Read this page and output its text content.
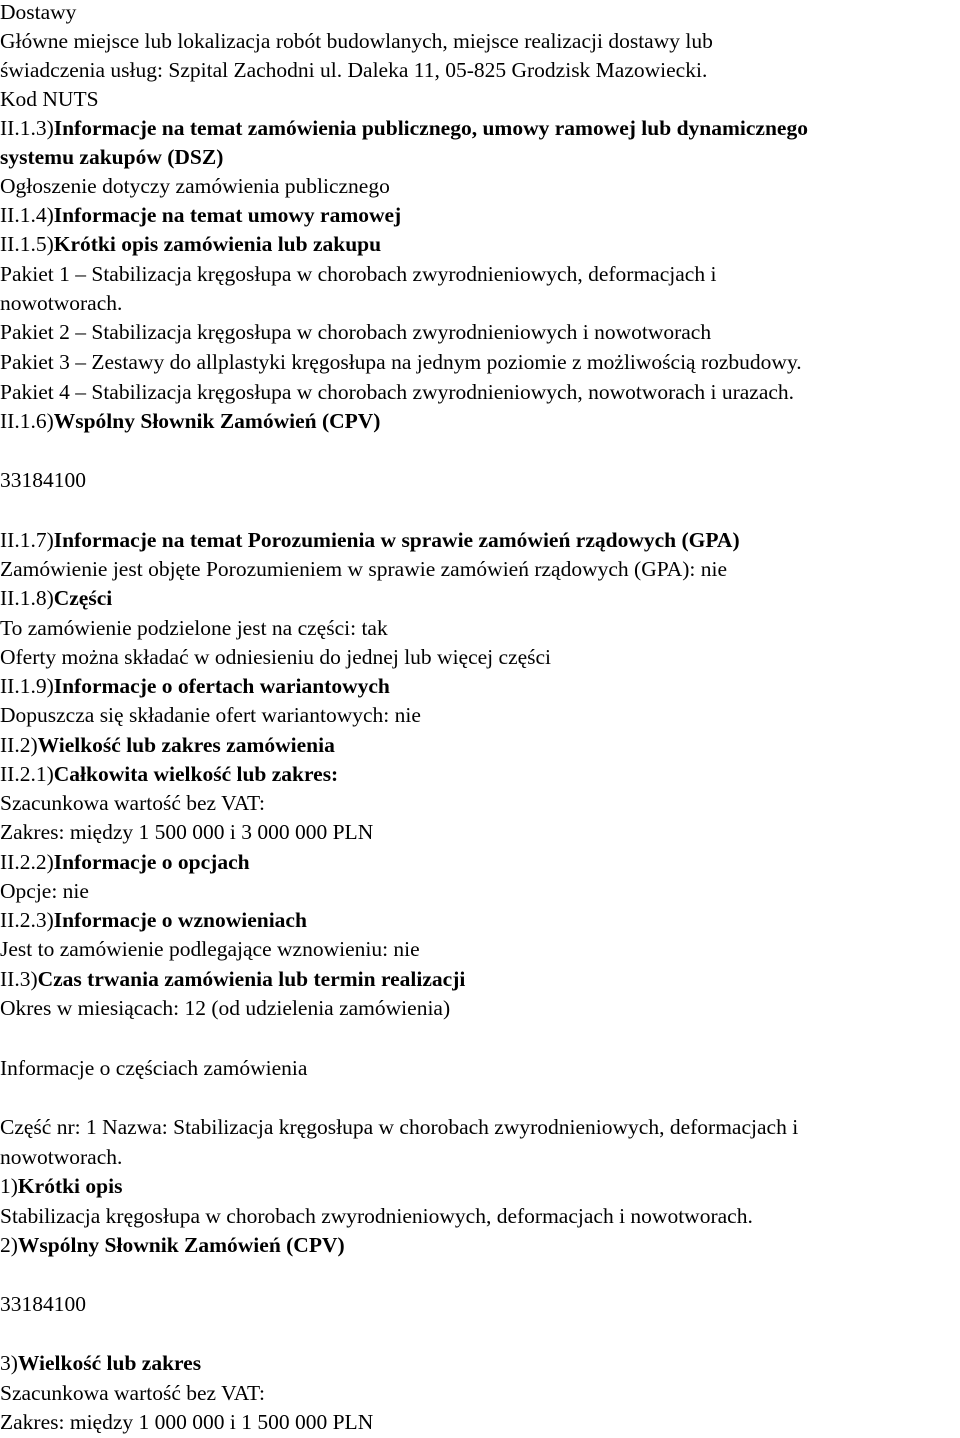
Dostawy
Główne miejsce lub lokalizacja robót budowlanych, miejsce realizacji dostawy lub
świadczenia usług: Szpital Zachodni ul. Daleka 11, 05-825 Grodzisk Mazowiecki.
Kod NUTS
II.1.3)Informacje na temat zamówienia publicznego, umowy ramowej lub dynamicznego
systemu zakupów (DSZ)
Ogłoszenie dotyczy zamówienia publicznego
II.1.4)Informacje na temat umowy ramowej
II.1.5)Krótki opis zamówienia lub zakupu
Pakiet 1 – Stabilizacja kręgosłupa w chorobach zwyrodnieniowych, deformacjach i
nowotworach.
Pakiet 2 – Stabilizacja kręgosłupa w chorobach zwyrodnieniowych i nowotworach
Pakiet 3 – Zestawy do allplastyki kręgosłupa na jednym poziomie z możliwością rozbudowy.
Pakiet 4 – Stabilizacja kręgosłupa w chorobach zwyrodnieniowych, nowotworach i urazach.
II.1.6)Wspólny Słownik Zamówień (CPV)
33184100
II.1.7)Informacje na temat Porozumienia w sprawie zamówień rządowych (GPA)
Zamówienie jest objęte Porozumieniem w sprawie zamówień rządowych (GPA): nie
II.1.8)Części
To zamówienie podzielone jest na części: tak
Oferty można składać w odniesieniu do jednej lub więcej części
II.1.9)Informacje o ofertach wariantowych
Dopuszcza się składanie ofert wariantowych: nie
II.2)Wielkość lub zakres zamówienia
II.2.1)Całkowita wielkość lub zakres:
Szacunkowa wartość bez VAT:
Zakres: między 1 500 000 i 3 000 000 PLN
II.2.2)Informacje o opcjach
Opcje: nie
II.2.3)Informacje o wznowieniach
Jest to zamówienie podlegające wznowieniu: nie
II.3)Czas trwania zamówienia lub termin realizacji
Okres w miesiącach: 12 (od udzielenia zamówienia)
Informacje o częściach zamówienia
Część nr: 1 Nazwa: Stabilizacja kręgosłupa w chorobach zwyrodnieniowych, deformacjach i
nowotworach.
1)Krótki opis
Stabilizacja kręgosłupa w chorobach zwyrodnieniowych, deformacjach i nowotworach.
2)Wspólny Słownik Zamówień (CPV)
33184100
3)Wielkość lub zakres
Szacunkowa wartość bez VAT:
Zakres: między 1 000 000 i 1 500 000 PLN
